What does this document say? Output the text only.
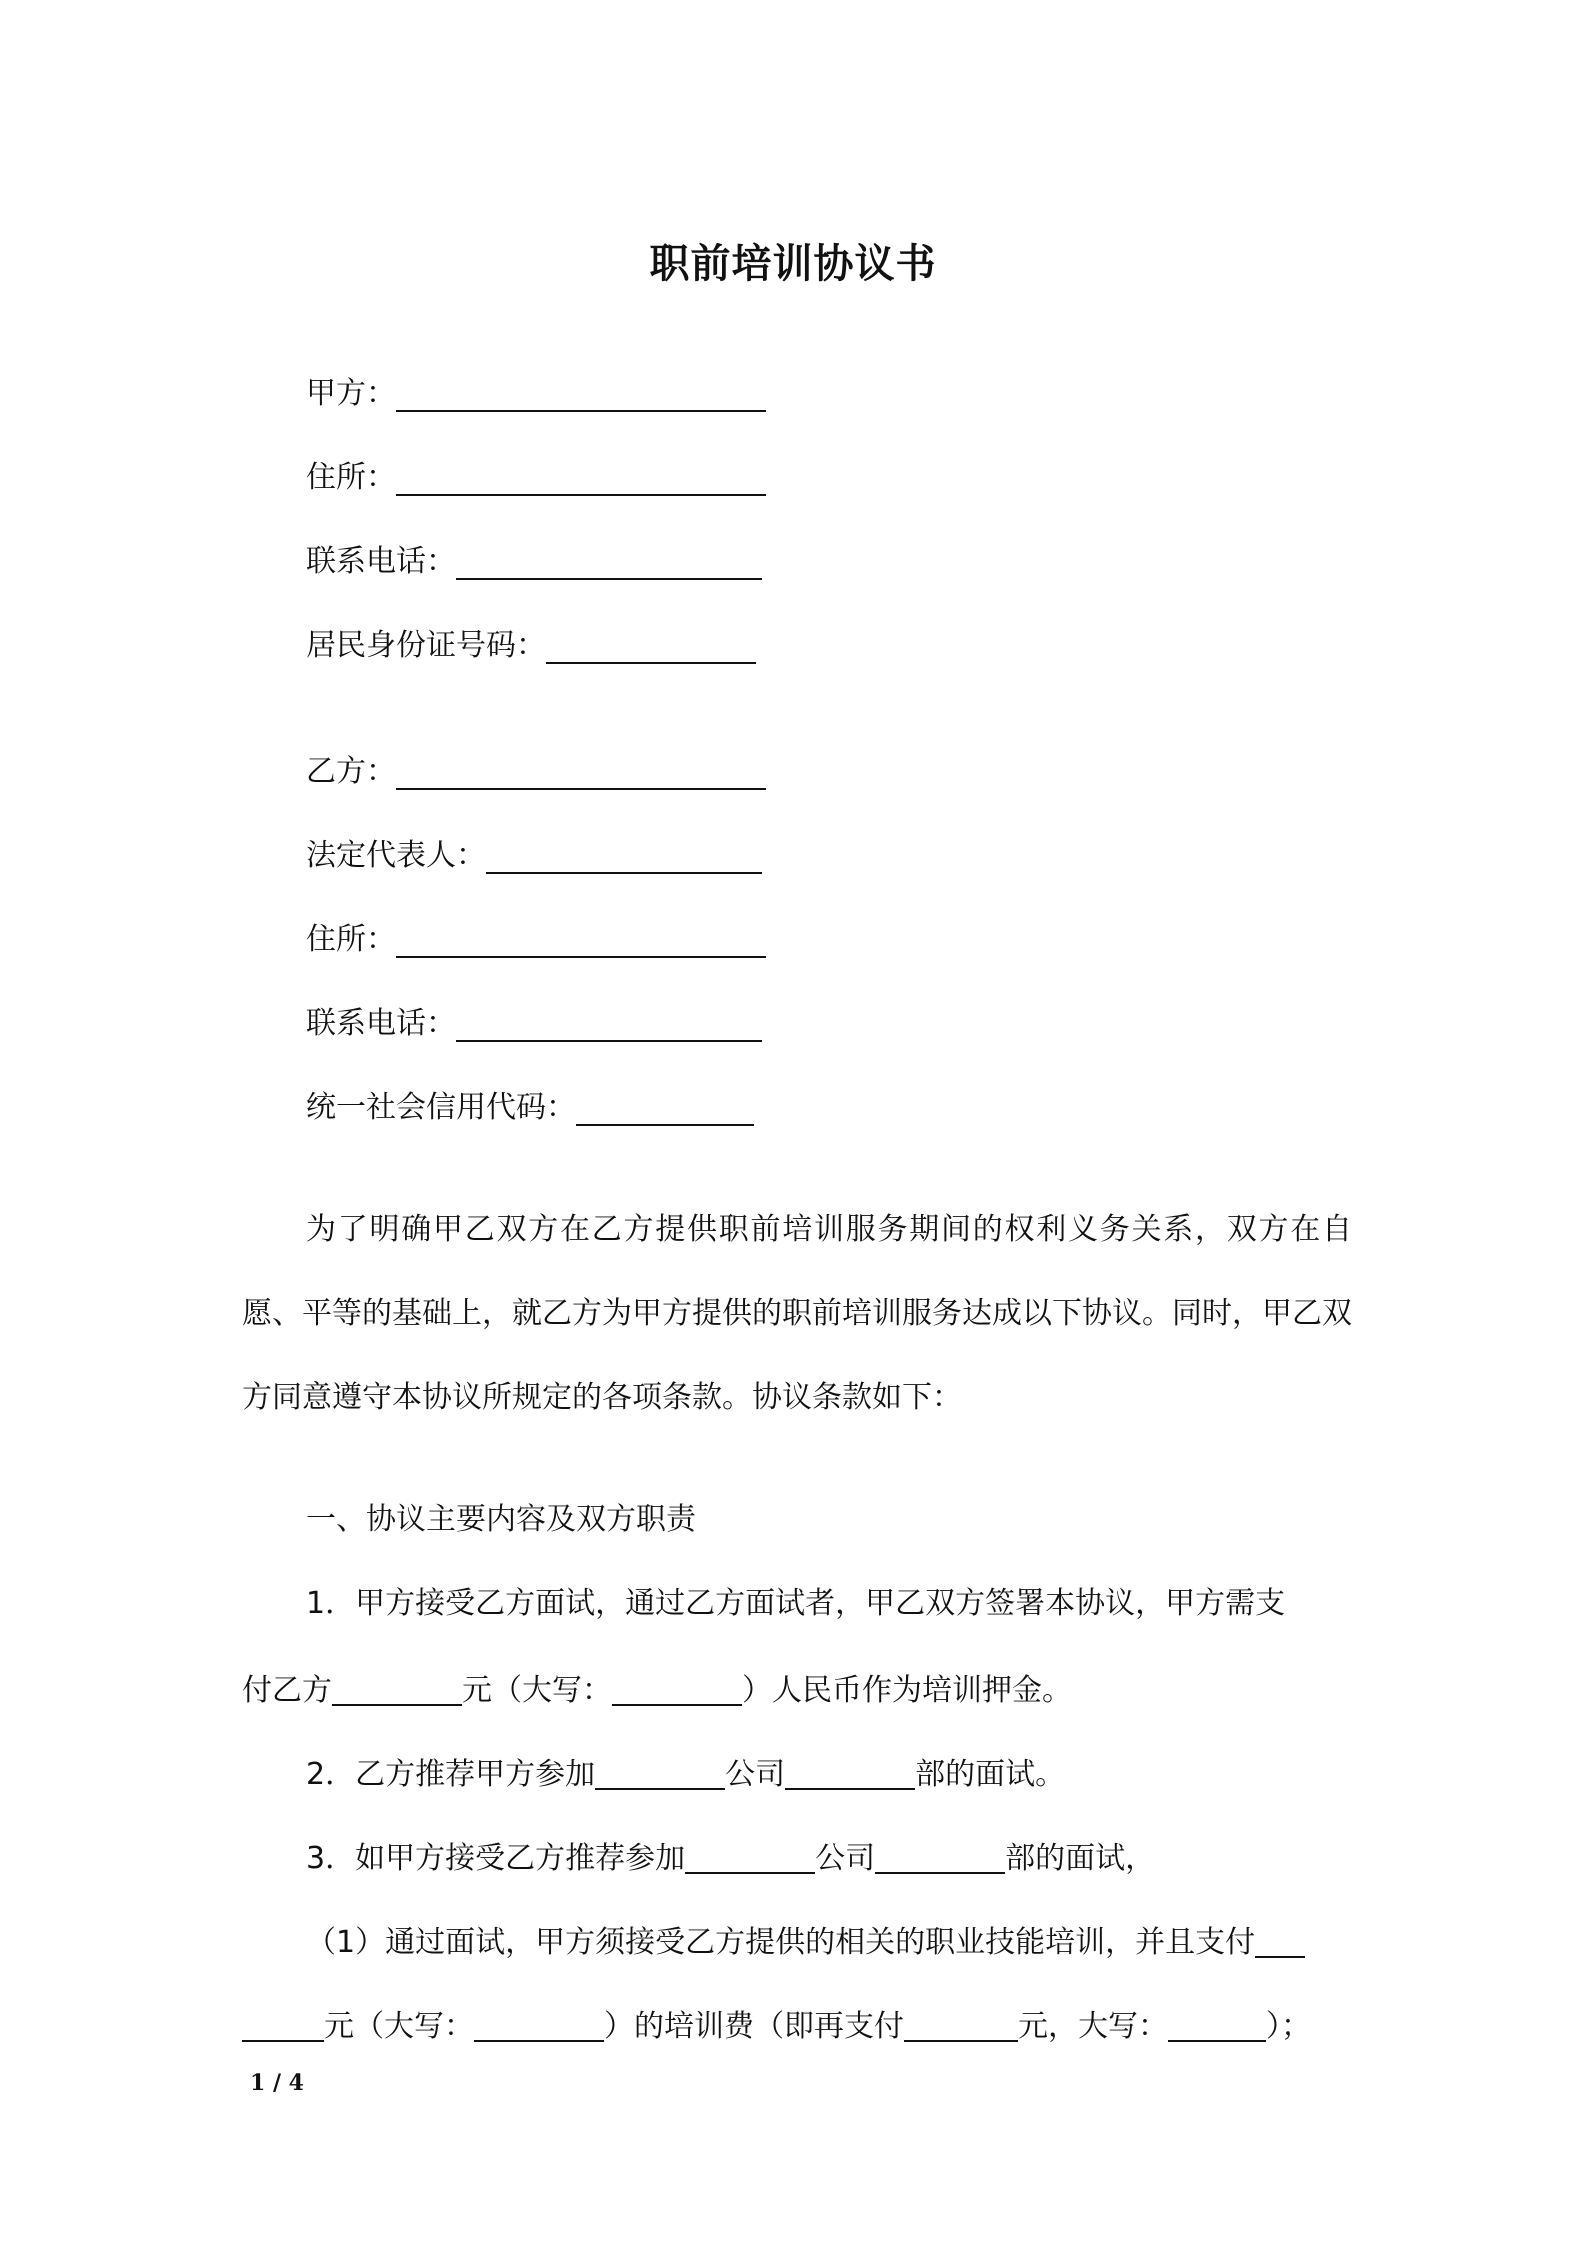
职前培训协议书
甲方：
住所：
联系电话：
居民身份证号码：
乙方：
法定代表人：
住所：
联系电话：
统一社会信用代码：

为了明确甲乙双方在乙方提供职前培训服务期间的权利义务关系，双方在自愿、平等的基础上，就乙方为甲方提供的职前培训服务达成以下协议。同时，甲乙双方同意遵守本协议所规定的各项条款。协议条款如下：

一、协议主要内容及双方职责
1．甲方接受乙方面试，通过乙方面试者，甲乙双方签署本协议，甲方需支
付乙方	元（大写：	）人民币作为培训押金。
2．乙方推荐甲方参加	公司	部的面试。
3．如甲方接受乙方推荐参加	公司	部的面试，
（1）通过面试，甲方须接受乙方提供的相关的职业技能培训，并且支付
元（大写：	）的培训费（即再支付	元，大写：	）；
1 / 4
